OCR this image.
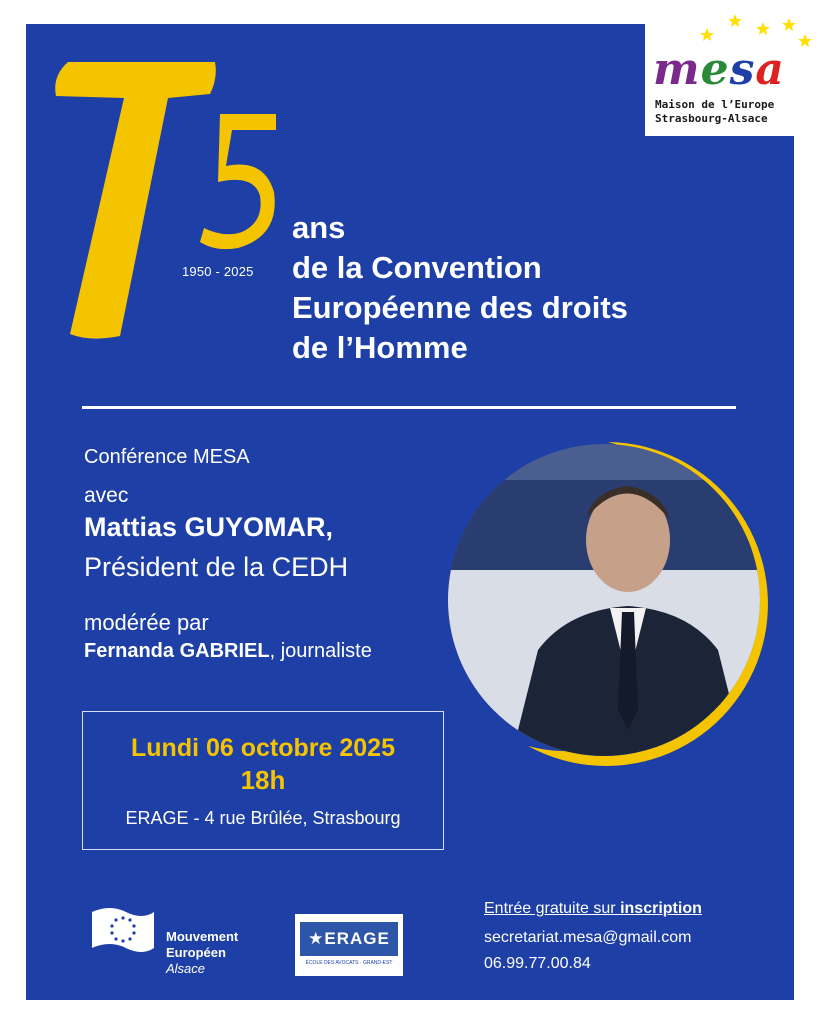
1950 - 2025
ans
de la Convention
Européenne des droits
de l’Homme
Conférence MESA
avec
Mattias GUYOMAR,
Président de la CEDH
modérée par
Fernanda GABRIEL, journaliste
Lundi 06 octobre 2025
18h
ERAGE - 4 rue Brûlée, Strasbourg
mesa
Maison de l’Europe
Strasbourg-Alsace
Mouvement
Européen
Alsace
★ERAGE
ÉCOLE DES AVOCATS · GRAND-EST
Entrée gratuite sur inscription
secretariat.mesa@gmail.com
06.99.77.00.84
